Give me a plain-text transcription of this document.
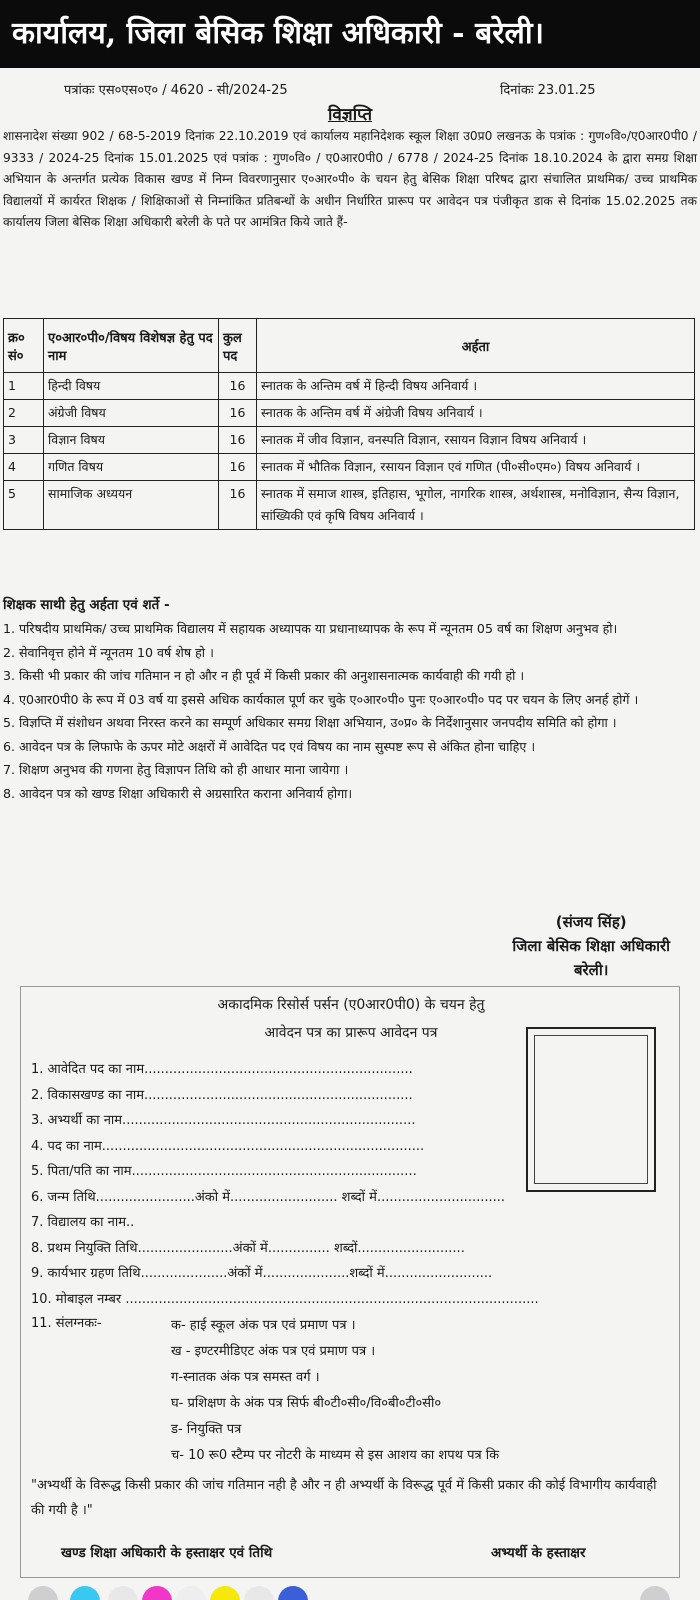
कार्यालय, जिला बेसिक शिक्षा अधिकारी - बरेली।
पत्रांकः एस०एस०ए० / 4620 - सी/2024-25	दिनांकः 23.01.25
विज्ञप्ति

शासनादेश संख्या 902 / 68-5-2019 दिनांक 22.10.2019 एवं कार्यालय महानिदेशक स्कूल शिक्षा उ0प्र0 लखनऊ के पत्रांक : गुण०वि०/ए0आर0पी0 / 9333 / 2024-25 दिनांक 15.01.2025 एवं पत्रांक : गुण०वि० / ए0आर0पी0 / 6778 / 2024-25 दिनांक 18.10.2024 के द्वारा समग्र शिक्षा अभियान के अन्तर्गत प्रत्येक विकास खण्ड में निम्न विवरणानुसार ए०आर०पी० के चयन हेतु बेसिक शिक्षा परिषद द्वारा संचालित प्राथमिक/ उच्च प्राथमिक विद्यालयों में कार्यरत शिक्षक / शिक्षिकाओं से निम्नांकित प्रतिबन्धों के अधीन निर्धारित प्रारूप पर आवेदन पत्र पंजीकृत डाक से दिनांक 15.02.2025 तक कार्यालय जिला बेसिक शिक्षा अधिकारी बरेली के पते पर आमंत्रित किये जाते हैं-

क्र० सं०	ए०आर०पी०/विषय विशेषज्ञ हेतु पद नाम	कुल पद	अर्हता
1	हिन्दी विषय	16	स्नातक के अन्तिम वर्ष में हिन्दी विषय अनिवार्य ।
2	अंग्रेजी विषय	16	स्नातक के अन्तिम वर्ष में अंग्रेजी विषय अनिवार्य ।
3	विज्ञान विषय	16	स्नातक में जीव विज्ञान, वनस्पति विज्ञान, रसायन विज्ञान विषय अनिवार्य ।
4	गणित विषय	16	स्नातक में भौतिक विज्ञान, रसायन विज्ञान एवं गणित (पी०सी०एम०) विषय अनिवार्य ।
5	सामाजिक अध्ययन	16	स्नातक में समाज शास्त्र, इतिहास, भूगोल, नागरिक शास्त्र, अर्थशास्त्र, मनोविज्ञान, सैन्य विज्ञान, सांख्यिकी एवं कृषि विषय अनिवार्य ।
शिक्षक साथी हेतु अर्हता एवं शर्ते -
1. परिषदीय प्राथमिक/ उच्च प्राथमिक विद्यालय में सहायक अध्यापक या प्रधानाध्यापक के रूप में न्यूनतम 05 वर्ष का शिक्षण अनुभव हो।
2. सेवानिवृत्त होने में न्यूनतम 10 वर्ष शेष हो ।
3. किसी भी प्रकार की जांच गतिमान न हो और न ही पूर्व में किसी प्रकार की अनुशासनात्मक कार्यवाही की गयी हो ।
4. ए0आर0पी0 के रूप में 03 वर्ष या इससे अधिक कार्यकाल पूर्ण कर चुके ए०आर०पी० पुनः ए०आर०पी० पद पर चयन के लिए अनर्ह होगें ।
5. विज्ञप्ति में संशोधन अथवा निरस्त करने का सम्पूर्ण अधिकार समग्र शिक्षा अभियान, उ०प्र० के निर्देशानुसार जनपदीय समिति को होगा ।
6. आवेदन पत्र के लिफाफे के ऊपर मोटे अक्षरों में आवेदित पद एवं विषय का नाम सुस्पष्ट रूप से अंकित होना चाहिए ।
7. शिक्षण अनुभव की गणना हेतु विज्ञापन तिथि को ही आधार माना जायेगा ।
8. आवेदन पत्र को खण्ड शिक्षा अधिकारी से अग्रसारित कराना अनिवार्य होगा।
(संजय सिंह)
जिला बेसिक शिक्षा अधिकारी
बरेली।
अकादमिक रिसोर्स पर्सन (ए0आर0पी0) के चयन हेतु
आवेदन पत्र का प्रारूप आवेदन पत्र
1. आवेदित पद का नाम.................................................................
2. विकासखण्ड का नाम.................................................................
3. अभ्यर्थी का नाम.......................................................................
4. पद का नाम..............................................................................
5. पिता/पति का नाम.....................................................................
6. जन्म तिथि........................अंको में.......................... शब्दों में...............................
7. विद्यालय का नाम..
8. प्रथम नियुक्ति तिथि.......................अंकों में............... शब्दों..........................
9. कार्यभार ग्रहण तिथि.....................अंकों में.....................शब्दों में..........................
10. मोबाइल नम्बर ....................................................................................................
11. संलग्नकः-	क- हाई स्कूल अंक पत्र एवं प्रमाण पत्र ।
ख - इण्टरमीडिएट अंक पत्र एवं प्रमाण पत्र ।
ग-स्नातक अंक पत्र समस्त वर्ग ।
घ- प्रशिक्षण के अंक पत्र सिर्फ बी०टी०सी०/वि०बी०टी०सी०
ड- नियुक्ति पत्र
च- 10 रू0 स्टैम्प पर नोटरी के माध्यम से इस आशय का शपथ पत्र कि

"अभ्यर्थी के विरूद्ध किसी प्रकार की जांच गतिमान नही है और न ही अभ्यर्थी के विरूद्ध पूर्व में किसी प्रकार की कोई विभागीय कार्यवाही की गयी है ।"

खण्ड शिक्षा अधिकारी के हस्ताक्षर एवं तिथि	अभ्यर्थी के हस्ताक्षर
